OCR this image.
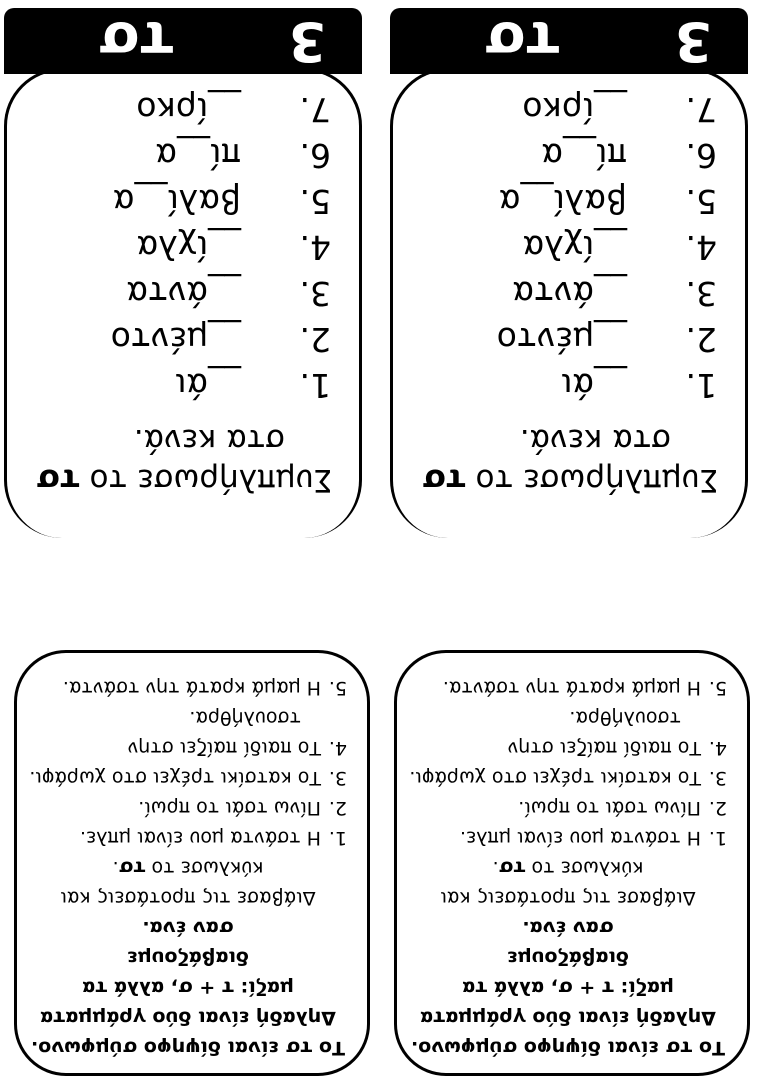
Το τσ είναι δίψηφο σύμφωνο.

Δηλαδή είναι δύο γράμματα

μαζί: τ + σ, αλλά τα διαβάζουμε

σαν ένα.

Διάβασε τις προτάσεις και

κύκλωσε το τσ.

1.
Η τσάντα μου είναι μπλε.
2.
Πίνω τσάι το πρωί.
3.
Το κατσίκι τρέχει στο χωράφι.
4.
Το παιδί παίζει στην
τσουλήθρα.
5.
Η μαμά κρατά την τσάντα.

Το τσ είναι δίψηφο σύμφωνο.

Δηλαδή είναι δύο γράμματα

μαζί: τ + σ, αλλά τα διαβάζουμε

σαν ένα.

Διάβασε τις προτάσεις και

κύκλωσε το τσ.

1.
Η τσάντα μου είναι μπλε.
2.
Πίνω τσάι το πρωί.
3.
Το κατσίκι τρέχει στο χωράφι.
4.
Το παιδί παίζει στην
τσουλήθρα.
5.
Η μαμά κρατά την τσάντα.
Συμπλήρωσε το τσ
στα κενά.
1.
__άι
2.
__μέντο
3.
__άντα
4.
__ίχλα
5.
βαλί__α
6.
πί__α
7.
__ίρκο
3
τσ
Συμπλήρωσε το τσ
στα κενά.
1.
__άι
2.
__μέντο
3.
__άντα
4.
__ίχλα
5.
βαλί__α
6.
πί__α
7.
__ίρκο
3
τσ
